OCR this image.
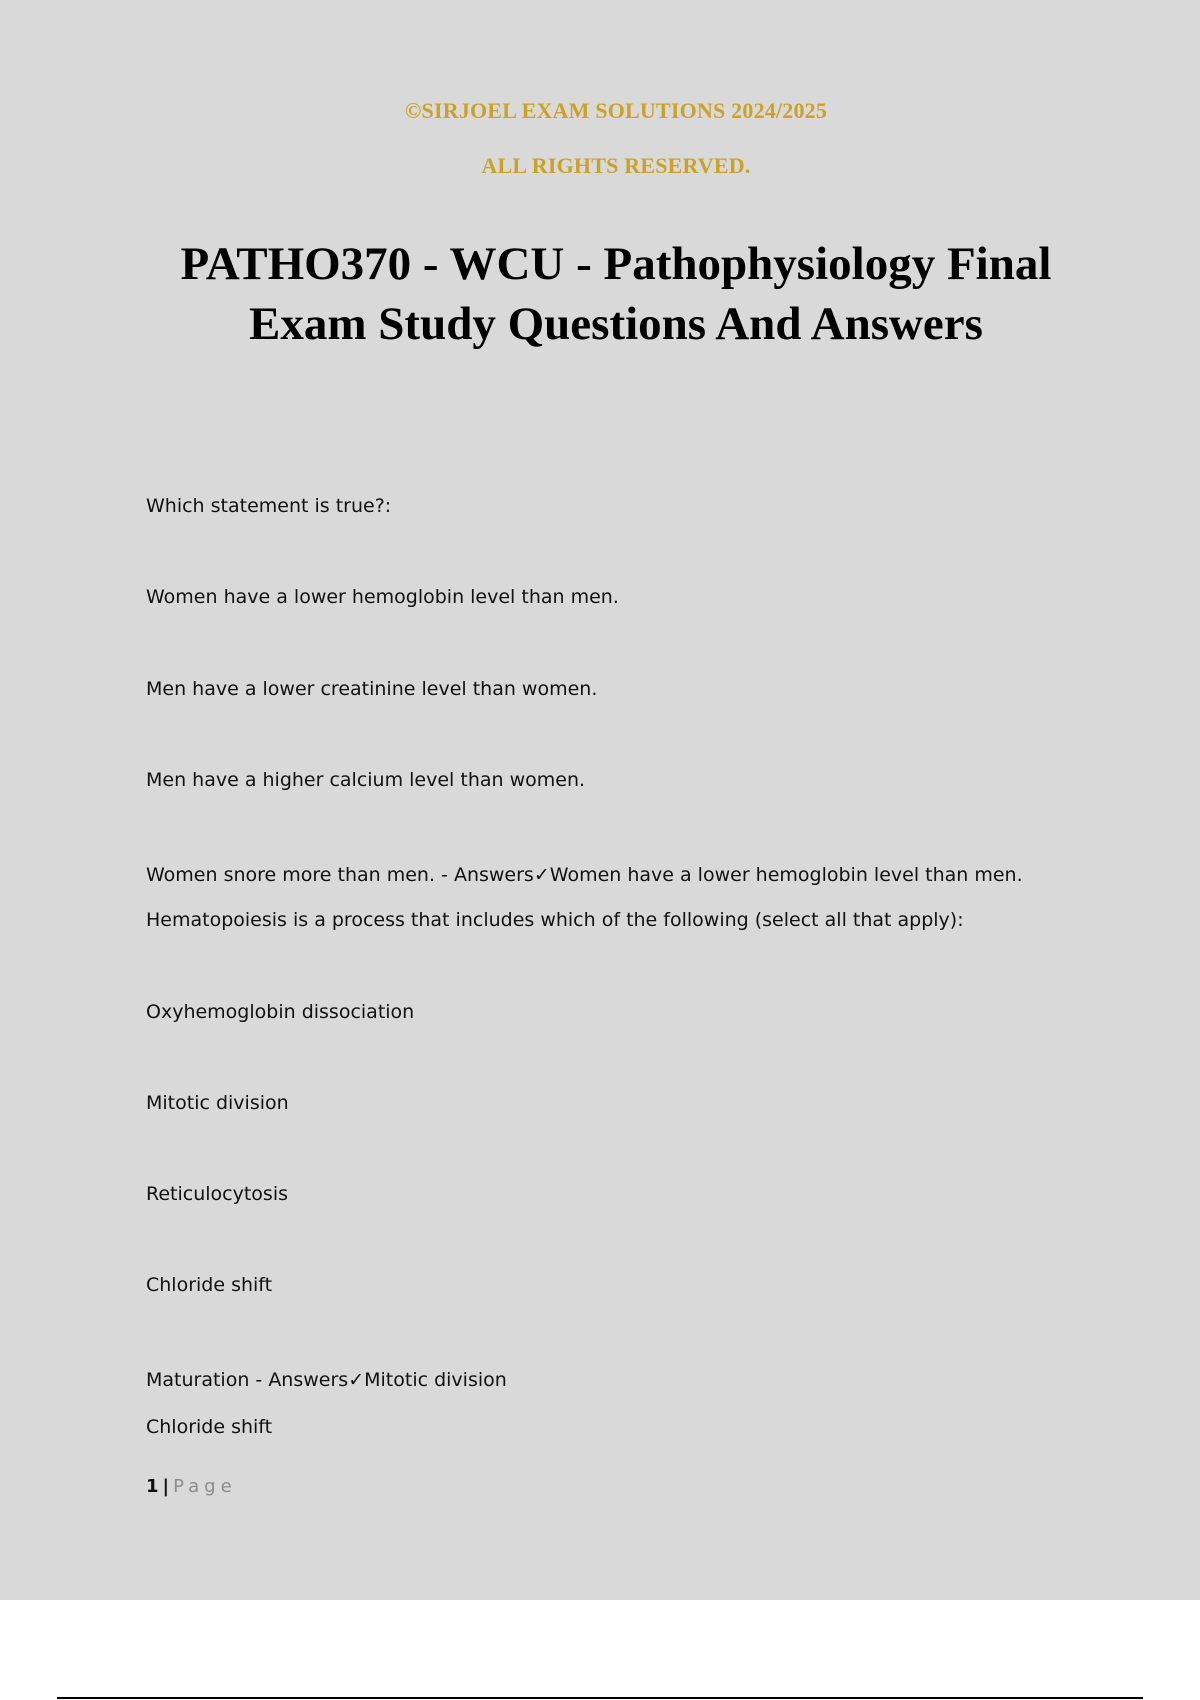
©SIRJOEL EXAM SOLUTIONS 2024/2025
ALL RIGHTS RESERVED.
PATHO370 - WCU - Pathophysiology Final
Exam Study Questions And Answers
Which statement is true?:
Women have a lower hemoglobin level than men.
Men have a lower creatinine level than women.
Men have a higher calcium level than women.
Women snore more than men. - Answers✓Women have a lower hemoglobin level than men.
Hematopoiesis is a process that includes which of the following (select all that apply):
Oxyhemoglobin dissociation
Mitotic division
Reticulocytosis
Chloride shift
Maturation - Answers✓Mitotic division
Chloride shift
1 | Page
